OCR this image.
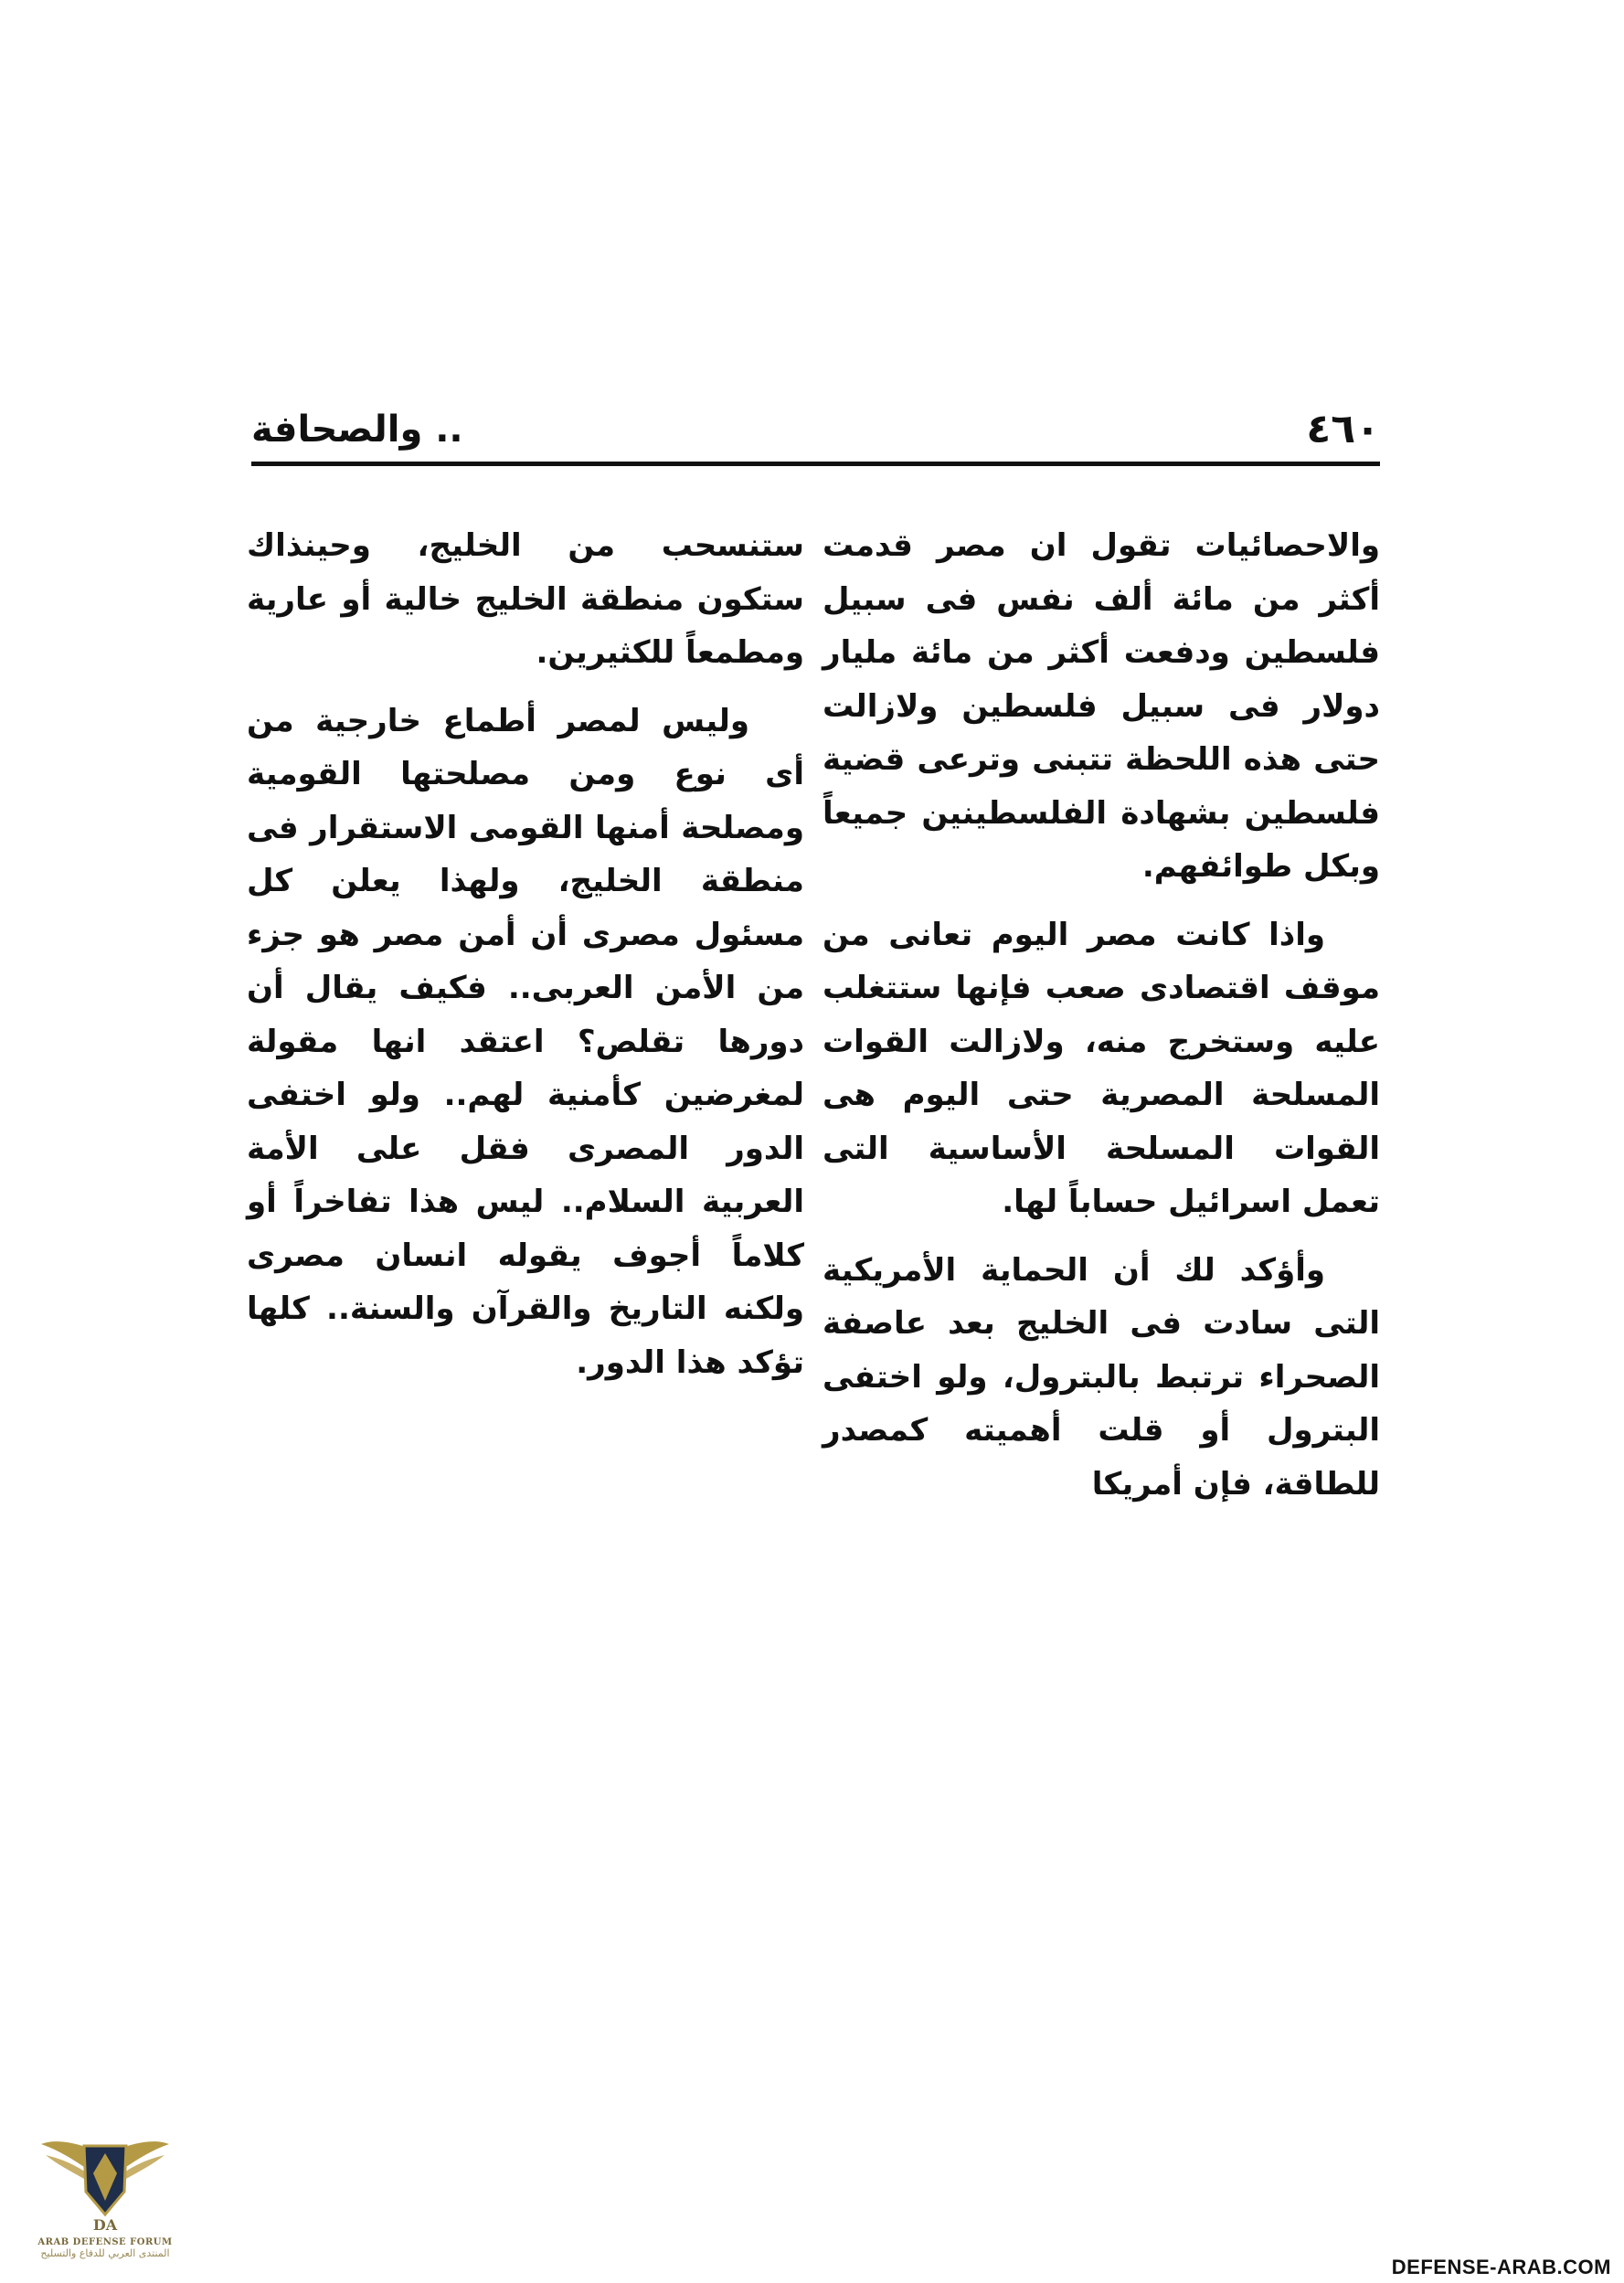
٤٦٠
.. والصحافة

والاحصائيات تقول ان مصر قدمت أكثر من مائة ألف نفس فى سبيل فلسطين ودفعت أكثر من مائة مليار دولار فى سبيل فلسطين ولازالت حتى هذه اللحظة تتبنى وترعى قضية فلسطين بشهادة الفلسطينين جميعاً وبكل طوائفهم.

واذا كانت مصر اليوم تعانى من موقف اقتصادى صعب فإنها ستتغلب عليه وستخرج منه، ولازالت القوات المسلحة المصرية حتى اليوم هى القوات المسلحة الأساسية التى تعمل اسرائيل حساباً لها.

وأؤكد لك أن الحماية الأمريكية التى سادت فى الخليج بعد عاصفة الصحراء ترتبط بالبترول، ولو اختفى البترول أو قلت أهميته كمصدر للطاقة، فإن أمريكا

ستنسحب من الخليج، وحينذاك ستكون منطقة الخليج خالية أو عارية ومطمعاً للكثيرين.

وليس لمصر أطماع خارجية من أى نوع ومن مصلحتها القومية ومصلحة أمنها القومى الاستقرار فى منطقة الخليج، ولهذا يعلن كل مسئول مصرى أن أمن مصر هو جزء من الأمن العربى.. فكيف يقال أن دورها تقلص؟ اعتقد انها مقولة لمغرضين كأمنية لهم.. ولو اختفى الدور المصرى فقل على الأمة العربية السلام.. ليس هذا تفاخراً أو كلاماً أجوف يقوله انسان مصرى ولكنه التاريخ والقرآن والسنة.. كلها تؤكد هذا الدور.

DA
ARAB DEFENSE FORUM
المنتدى العربي للدفاع والتسليح
DEFENSE-ARAB.COM
